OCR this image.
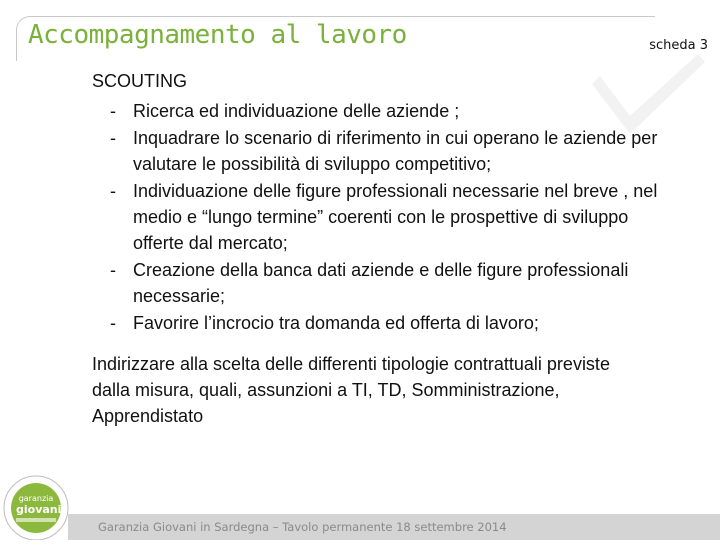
Accompagnamento al lavoro	scheda 3
SCOUTING
- Ricerca ed individuazione delle aziende ;
- Inquadrare lo scenario di riferimento in cui operano le aziende per valutare le possibilità di sviluppo competitivo;
- Individuazione delle figure professionali necessarie nel breve , nel medio e “lungo termine” coerenti con le prospettive di sviluppo offerte dal mercato;
- Creazione della banca dati aziende e delle figure professionali necessarie;
- Favorire l’incrocio tra domanda ed offerta di lavoro;
Indirizzare alla scelta delle differenti tipologie contrattuali previste dalla misura, quali, assunzioni a TI, TD, Somministrazione, Apprendistato
Garanzia Giovani in Sardegna – Tavolo permanente 18 settembre 2014
garanzia
giovani
